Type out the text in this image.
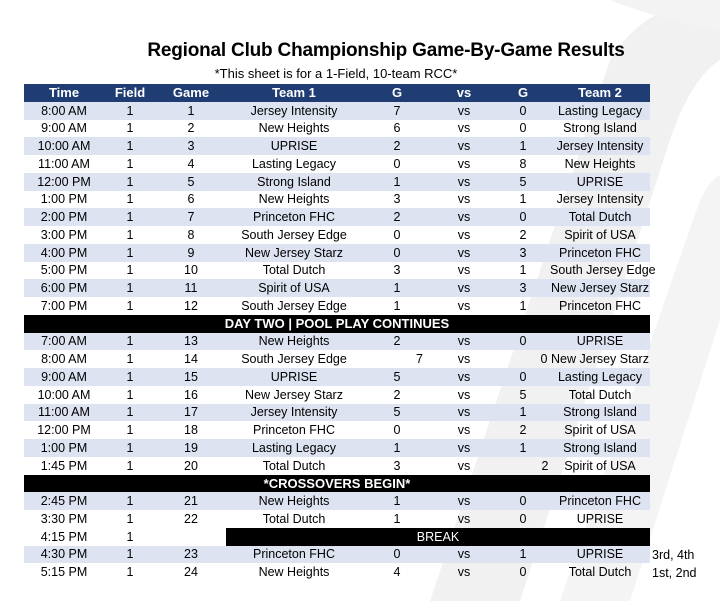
Regional Club Championship Game-By-Game Results
*This sheet is for a 1-Field, 10-team RCC*
Time	Field	Game	Team 1	G	vs	G	Team 2
8:00 AM	1	1	Jersey Intensity	7	vs	0	Lasting Legacy
9:00 AM	1	2	New Heights	6	vs	0	Strong Island
10:00 AM	1	3	UPRISE	2	vs	1	Jersey Intensity
11:00 AM	1	4	Lasting Legacy	0	vs	8	New Heights
12:00 PM	1	5	Strong Island	1	vs	5	UPRISE
1:00 PM	1	6	New Heights	3	vs	1	Jersey Intensity
2:00 PM	1	7	Princeton FHC	2	vs	0	Total Dutch
3:00 PM	1	8	South Jersey Edge	0	vs	2	Spirit of USA
4:00 PM	1	9	New Jersey Starz	0	vs	3	Princeton FHC
5:00 PM	1	10	Total Dutch	3	vs	1	South Jersey Edge
6:00 PM	1	11	Spirit of USA	1	vs	3	New Jersey Starz
7:00 PM	1	12	South Jersey Edge	1	vs	1	Princeton FHC
DAY TWO | POOL PLAY CONTINUES							
7:00 AM	1	13	New Heights	2	vs	0	UPRISE
8:00 AM	1	14	South Jersey Edge	7	vs	0	New Jersey Starz
9:00 AM	1	15	UPRISE	5	vs	0	Lasting Legacy
10:00 AM	1	16	New Jersey Starz	2	vs	5	Total Dutch
11:00 AM	1	17	Jersey Intensity	5	vs	1	Strong Island
12:00 PM	1	18	Princeton FHC	0	vs	2	Spirit of USA
1:00 PM	1	19	Lasting Legacy	1	vs	1	Strong Island
1:45 PM	1	20	Total Dutch	3	vs	2	Spirit of USA
*CROSSOVERS BEGIN*							
2:45 PM	1	21	New Heights	1	vs	0	Princeton FHC
3:30 PM	1	22	Total Dutch	1	vs	0	UPRISE
4:15 PM	1		BREAK				
4:30 PM	1	23	Princeton FHC	0	vs	1	UPRISE
5:15 PM	1	24	New Heights	4	vs	0	Total Dutch
3rd, 4th
1st, 2nd
